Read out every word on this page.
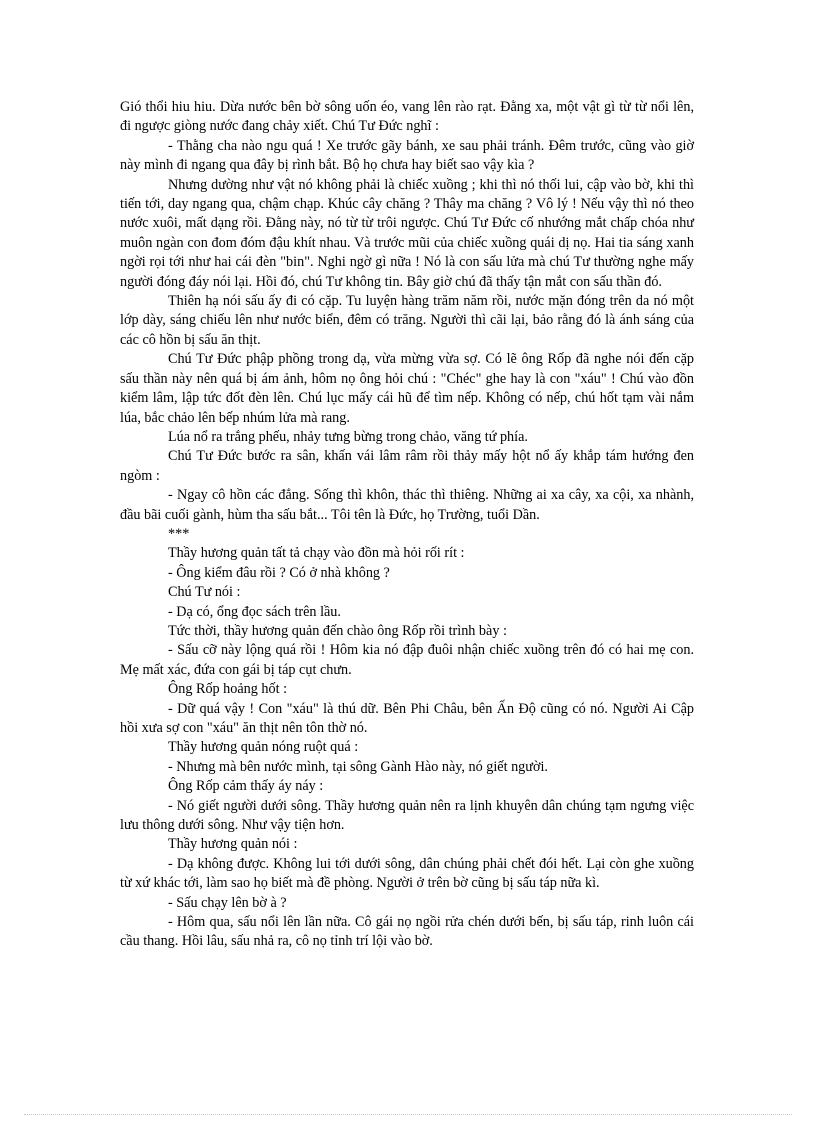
Gió thổi hiu hiu. Dừa nước bên bờ sông uốn éo, vang lên rào rạt. Đằng xa, một vật gì từ từ nổi lên, đi ngược giòng nước đang chảy xiết. Chú Tư Đức nghĩ :

- Thằng cha nào ngu quá ! Xe trước gãy bánh, xe sau phải tránh. Đêm trước, cũng vào giờ này mình đi ngang qua đây bị rình bắt. Bộ họ chưa hay biết sao vậy kìa ?

Nhưng dường như vật nó không phải là chiếc xuồng ; khi thì nó thối lui, cập vào bờ, khi thì tiến tới, day ngang qua, chậm chạp. Khúc cây chăng ? Thây ma chăng ? Vô lý ! Nếu vậy thì nó theo nước xuôi, mất dạng rồi. Đằng này, nó từ từ trôi ngược. Chú Tư Đức cố nhướng mắt chấp chóa như muôn ngàn con đom đóm đậu khít nhau. Và trước mũi của chiếc xuồng quái dị nọ. Hai tia sáng xanh ngời rọi tới như hai cái đèn "bin". Nghi ngờ gì nữa ! Nó là con sấu lửa mà chú Tư thường nghe mấy người đóng đáy nói lại. Hồi đó, chú Tư không tin. Bây giờ chú đã thấy tận mắt con sấu thần đó.

Thiên hạ nói sấu ấy đi có cặp. Tu luyện hàng trăm năm rồi, nước mặn đóng trên da nó một lớp dày, sáng chiếu lên như nước biển, đêm có trăng. Người thì cãi lại, bảo rằng đó là ánh sáng của các cô hồn bị sấu ăn thịt.

Chú Tư Đức phập phồng trong dạ, vừa mừng vừa sợ. Có lẽ ông Rốp đã nghe nói đến cặp sấu thần này nên quá bị ám ảnh, hôm nọ ông hỏi chú : "Chéc" ghe hay là con "xáu" ! Chú vào đồn kiểm lâm, lập tức đốt đèn lên. Chú lục mấy cái hũ để tìm nếp. Không có nếp, chú hốt tạm vài nắm lúa, bắc chảo lên bếp nhúm lửa mà rang.

Lúa nổ ra trắng phếu, nhảy tưng bừng trong chảo, văng tứ phía.

Chú Tư Đức bước ra sân, khấn vái lâm râm rồi thảy mấy hột nổ ấy khắp tám hướng đen ngòm :

- Ngay cô hồn các đẳng. Sống thì khôn, thác thì thiêng. Những ai xa cây, xa cội, xa nhành, đầu bãi cuối gành, hùm tha sấu bắt... Tôi tên là Đức, họ Trường, tuổi Dần.

***

Thầy hương quản tất tả chạy vào đồn mà hỏi rối rít :

- Ông kiểm đâu rồi ? Có ở nhà không ?

Chú Tư nói :

- Dạ có, ổng đọc sách trên lầu.

Tức thời, thầy hương quản đến chào ông Rốp rồi trình bày :

- Sấu cỡ này lộng quá rồi ! Hôm kia nó đập đuôi nhận chiếc xuồng trên đó có hai mẹ con. Mẹ mất xác, đứa con gái bị táp cụt chưn.

Ông Rốp hoảng hốt :

- Dữ quá vậy ! Con "xáu" là thú dữ. Bên Phi Châu, bên Ấn Độ cũng có nó. Người Ai Cập hồi xưa sợ con "xáu" ăn thịt nên tôn thờ nó.

Thầy hương quản nóng ruột quá :

- Nhưng mà bên nước mình, tại sông Gành Hào này, nó giết người.

Ông Rốp cảm thấy áy náy :

- Nó giết người dưới sông. Thầy hương quản nên ra lịnh khuyên dân chúng tạm ngưng việc lưu thông dưới sông. Như vậy tiện hơn.

Thầy hương quản nói :

- Dạ không được. Không lui tới dưới sông, dân chúng phải chết đói hết. Lại còn ghe xuồng từ xứ khác tới, làm sao họ biết mà đề phòng. Người ở trên bờ cũng bị sấu táp nữa kì.

- Sấu chạy lên bờ à ?

- Hôm qua, sấu nổi lên lần nữa. Cô gái nọ ngồi rửa chén dưới bến, bị sấu táp, rinh luôn cái cầu thang. Hồi lâu, sấu nhả ra, cô nọ tỉnh trí lội vào bờ.
